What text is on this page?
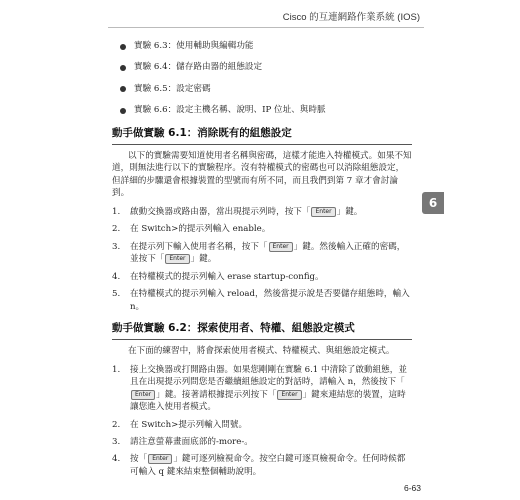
Cisco 的互連網路作業系統 (IOS)
實驗 6.3：使用輔助與編輯功能
實驗 6.4：儲存路由器的組態設定
實驗 6.5：設定密碼
實驗 6.6：設定主機名稱、說明、IP 位址、與時脈
動手做實驗 6.1：消除既有的組態設定

以下的實驗需要知道使用者名稱與密碼，這樣才能進入特權模式。如果不知道，則無法進行以下的實驗程序。沒有特權模式的密碼也可以消除組態設定，但詳細的步驟還會根據裝置的型號而有所不同，而且我們到第 7 章才會討論到。

1. 啟動交換器或路由器，當出現提示列時，按下「 Enter 」鍵。
2. 在 Switch>的提示列輸入 enable。
3. 在提示列下輸入使用者名稱，按下「 Enter 」鍵。然後輸入正確的密碼，並按下「 Enter 」鍵。
4. 在特權模式的提示列輸入 erase startup-config。
5. 在特權模式的提示列輸入 reload，然後當提示說是否要儲存組態時，輸入 n。
動手做實驗 6.2：探索使用者、特權、組態設定模式

在下面的練習中，將會探索使用者模式、特權模式、與組態設定模式。

1. 接上交換器或打開路由器。如果您剛剛在實驗 6.1 中清除了啟動組態，並且在出現提示列問您是否繼續組態設定的對話時，請輸入 n，然後按下「Enter 」鍵。接著請根據提示列按下「 Enter 」鍵來連結您的裝置，這時讓您進入使用者模式。
2. 在 Switch>提示列輸入問號。
3. 請注意螢幕畫面底部的-more-。
4. 按「 Enter 」鍵可逐列檢視命令。按空白鍵可逐頁檢視命令。任何時候都可輸入 q 鍵來結束整個輔助說明。
6
6-63
